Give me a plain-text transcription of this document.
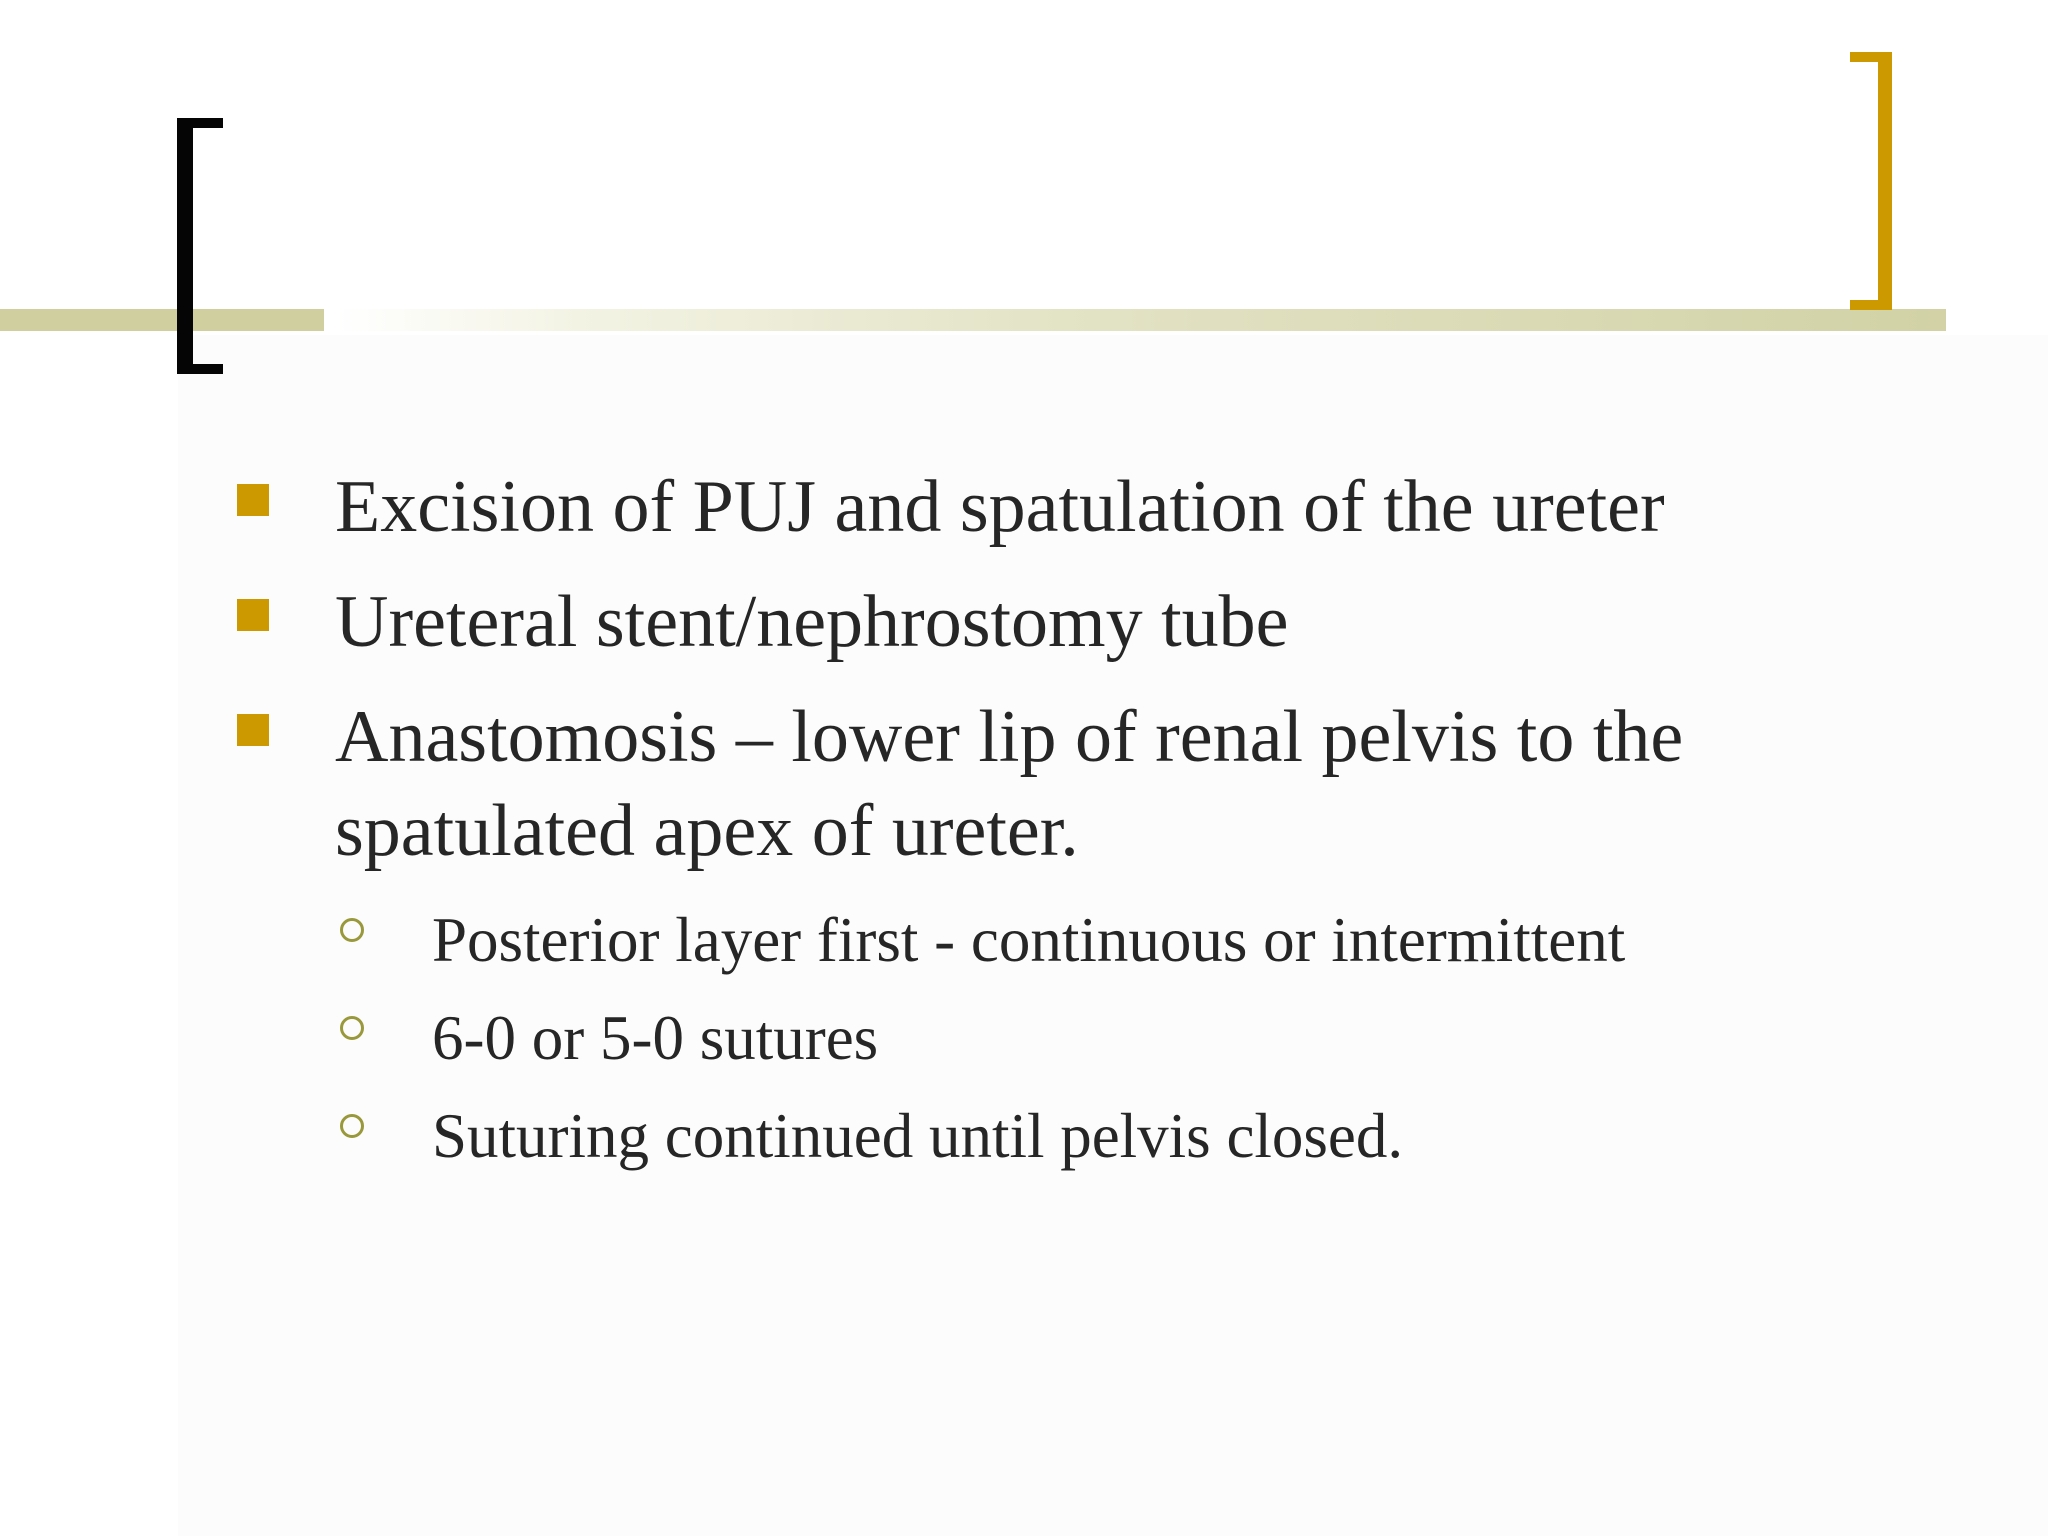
Excision of PUJ and spatulation of the ureter
Ureteral stent/nephrostomy tube
Anastomosis – lower lip of renal pelvis to the spatulated apex of ureter.
Posterior layer first - continuous or intermittent
6-0 or 5-0 sutures
Suturing continued until pelvis closed.
